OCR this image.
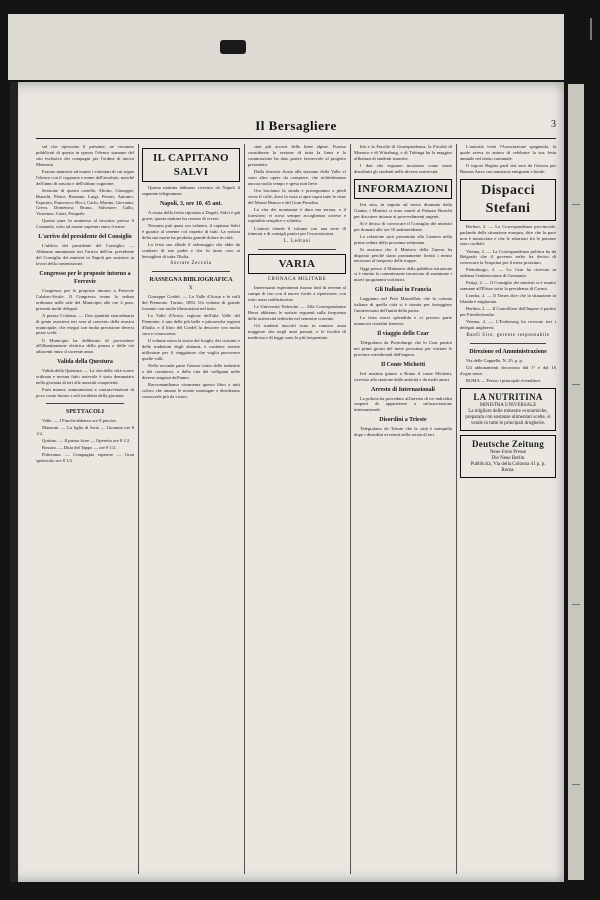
Il Bersagliere	3

sul che riprovano il presente, ne verranno pubblicati di questa in questo l'elenco stamane del sito esclusivo dei compagni per l'ordine di nuova Memoria.

Furono ammessi ad esame i volontari di cui segue l'elenco con il cognome e nome dell'assoluto, nonché dell'anno di nascita e dell'ultimo cognome.

Sessione di questa cartella. Aliotto, Giuseppe; Bianchi, Pietro; Romano, Luigi; Ferrari, Antonio; Esposito, Francesco; Ricci, Carlo; Marino, Giovanni; Greco, Domenico; Bruno, Salvatore; Gallo, Vincenzo; Conti, Pasquale.

Questo pure fu ammesso al tirocinio presso il Comando, esito ad esame superato entro il mese.

L'arrivo del presidente del Consiglio

L'ufficio del presidente del Consiglio. — Abbiamo annunziato ieri l'arrivo dell'on. presidente del Consiglio dei ministri in Napoli per assistere ai lavori della commissione.

Congresso per le proposte intorno a Ferrovie

Congresso per le proposte intorno a Ferrovie Calabro-Sicule. Il Congresso tenne la seduta ordinaria nelle sale del Municipio alle ore 2 pom. presenti molti delegati.

A piazza Colonna. — Una quantità straordinaria di gente assisteva ieri sera al concerto della musica municipale, che eseguì con molta precisione diversi pezzi scelti.

Il Municipio ha deliberato di provvedere all'illuminazione elettrica della piazza e delle vie adiacenti entro il corrente anno.

Valida della Questura

Valida della Questura. — La vita della città scorre ordinata e nessun fatto notevole è stato denunziato nella giornata di ieri alle autorità competenti.

Furti minori, ammonizioni e contravvenzioni di poco conto furono i soli incidenti della giornata.

SPETTACOLI

Valle. — I Fuochi-abbasso ore 8 precise.

Manzoni. — La figlia di Jorio — Giornata ore 8 1/2.

Quirino. — Il primo fiore — Operetta ore 8 1/2.

Rossini. — Ditta del Tappo — ore 8 1/2.

Politeama. — Compagnia equestre — Gran spettacolo ore 8 1/2.

IL CAPITANO SALVI

Questa mattina abbiamo ricevuto da Napoli il seguente telegramma:

Napoli, 3, ore 10. 45 ant.

A causa della ferita riportata a Dogali, Salvi è già grave, questa mattina ha cessato di vivere.

Nessuno può quasi ora valutare, il capitano Salvi è guarito al tenente col rispetto di tutti. La notizia della sua morte ha prodotto grande dolore in città.

La festa sua allude il salvataggio che ebbe da scudiero di suo padre e che fu tanto caro ai bersaglieri di tutta l'Italia.

Socrate Zeccola
RASSEGNA BIBLIOGRAFICA
X

Giuseppe Cordel. — La Valle d'Aosta e le valli del Piemonte. Torino, 1892. Un volume di grande formato con molte illustrazioni nel testo.

La Valle d'Aosta, regione dell'alta Valle del Piemonte, è una delle più belle e pittoresche regioni d'Italia, e il libro del Cordel la descrive con molta cura e conoscenza.

Il volume narra la storia dei luoghi, dei costumi e delle tradizioni degli abitanti, e contiene notizie utilissime per il viaggiatore che voglia percorrere quelle valli.

Nella seconda parte l'autore tratta delle industrie e dei commerci, e della vita dei valligiani nelle diverse stagioni dell'anno.

Raccomandiamo vivamente questo libro a tutti coloro che amano le nostre montagne e desiderano conoscerle più da vicino.

stati più accorti delle linee alpine. Furono considerate la sezione di tutta la linea e la commissione ha dato parere favorevole al progetto presentato.

Dalla ferrovia Aosta alla stazione della Valle vi sono altre opere da compiere, che richiederanno ancora molto tempo e spesa non lieve.

Ora lasciamo la strada e proseguiamo a piedi verso il colle, dove la vista si apre sopra tutte le cime del Monte Bianco e del Gran Paradiso.

La vita dei montanari è dura ma serena, e il forestiero vi trova sempre accoglienza cortese e ospitalità semplice e schietta.

L'autore chiude il volume con una serie di itinerari e di consigli pratici per l'escursionista.

L. Ledrani
VARIA
CRONACA MILITARE

Interessanti esperimenti furono fatti di recente al campo di tiro con il nuovo fucile a ripetizione, con esito assai soddisfacente.

Le Università Tedesche. — Alla Correspondance Berse abbiamo le notizie seguenti sulla frequenza delle università tedesche nel semestre corrente.

Gli studenti inscritti sono in numero assai maggiore che negli anni passati, e le facoltà di medicina e di legge sono le più frequentate.

lità e la Facoltà di Giurisprudenza, la Facoltà di Monaco e di Würzburg, e di Tubinga ha la maggior affluenza di studenti stranieri.

I dati che seguono mostrano come siano distribuiti gli studenti nelle diverse università.

INFORMAZIONI

Ieri sera, in seguito ad invito diramato dalla Giunta, i Ministri si sono riuniti al Palazzo Braschi per discutere intorno ai provvedimenti urgenti.

Si è deciso di convocare il Consiglio dei ministri per domani alle ore 10 antimeridiane.

La relazione sarà presentata alla Camera nella prima seduta della prossima settimana.

Si assicura che il Ministro della Guerra ha disposto perché siano prontamente forniti i mezzi necessari al trasporto delle truppe.

Oggi presso il Ministero della pubblica istruzione si è riunita la commissione incaricata di esaminare i nuovi programmi scolastici.

Gli Italiani in Francia

Leggiamo nel Petit Marseillais che la colonia italiana di quella città si è riunita per festeggiare l'anniversario dell'unità della patria.

La festa riuscì splendida e vi presero parte numerosi cittadini francesi.

Il viaggio dello Czar

Telegrafano da Pietroburgo che lo Czar partirà nei primi giorni del mese prossimo per visitare le province meridionali dell'impero.

Il Conte Michetti

Ieri mattina giunse a Roma il conte Michetti, ricevuto alla stazione dalle autorità e da molti amici.

Arresto di Internazionali

La polizia ha proceduto all'arresto di tre individui sospetti di appartenere a un'associazione internazionale.

Disordini a Trieste

Telegrafano da Trieste che la città è tranquilla dopo i disordini avvenuti nella serata di ieri.

L'autorità vietò l'Associazione spagnuola, la quale aveva in animo di celebrare la sua festa annuale nel teatro comunale.

Il vapore Regina partì ieri sera da Genova per Buenos Aires con numerosi emigranti a bordo.

Dispacci Stefani

Berlino, 2. — La Correspondenza provinciale, parlando della situazione europea, dice che la pace non è minacciata e che le relazioni fra le potenze sono cordiali.

Vienna, 2. — La Correspondenza politica ha da Belgrado che il governo serbo ha deciso di convocare la Scupcina per il mese prossimo.

Pietroburgo, 2. — Lo Czar ha ricevuto in udienza l'ambasciatore di Germania.

Parigi, 2. — Il Consiglio dei ministri si è riunito stamane all'Eliseo sotto la presidenza di Carnot.

Londra, 2. — Il Times dice che la situazione in Irlanda è migliorata.

Berlino, 2. — Il Cancelliere dell'Impero è partito per Friedrichsruhe.

Vienna, 2. — L'Erzherzog ha ricevuto ieri i delegati ungheresi.

Banfi Siro, gerente responsabile
Direzione ed Amministrazione

Via delle Coppelle, N. 25, p. p.

Gli abbonamenti decorrono dal 1° e dal 16 d'ogni mese.

ROMA — Presso i principali rivenditori.

LA NUTRITINA
MINISTRA UNIVERSALE
La migliore delle minestre economiche, preparata con sostanze alimentari scelte, si vende in tutte le principali drogherie.
Deutsche Zeitung
Neue Freie Presse
Die Neue Berlin
Pubblicità, Via della Colonna 41 p. p. Roma.
